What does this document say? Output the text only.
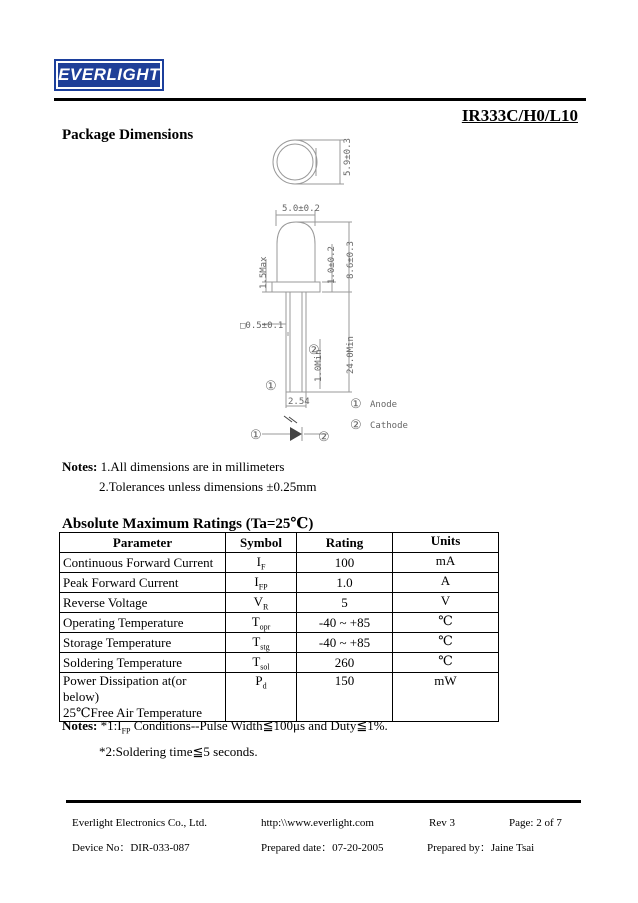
EVERLIGHT
IR333C/H0/L10
Package Dimensions
5.9±0.3
5.0±0.2
1.0±0.2 8.6±0.3
1.5Max
□0.5±0.1
24.0Min
1.0Min
2.54
①
②
① Anode
② Cathode
①	②
Notes: 1.All dimensions are in millimeters
2.Tolerances unless dimensions ±0.25mm
Absolute Maximum Ratings (Ta=25℃)
Parameter	Symbol	Rating	Units
Continuous Forward Current	$I_F$	100	mA
Peak Forward Current	$I_{FP}$	1.0	A
Reverse Voltage	$V_R$	5	V
Operating Temperature	$T_{opr}$	-40 ~ +85	℃
Storage Temperature	$T_{stg}$	-40 ~ +85	℃
Soldering Temperature	$T_{sol}$	260	℃

Power Dissipation at(or below)
25℃Free Air Temperature	$P_d$	150	mW
Notes: $*1:I_{FP}$ Conditions--Pulse Width≦100μs and Duty≦1%.
*2:Soldering time≦5 seconds.
Everlight Electronics Co., Ltd.	http:\\www.everlight.com	Rev 3	Page: 2 of 7
Device No：DIR-033-087	Prepared date：07-20-2005	Prepared by：Jaine Tsai
